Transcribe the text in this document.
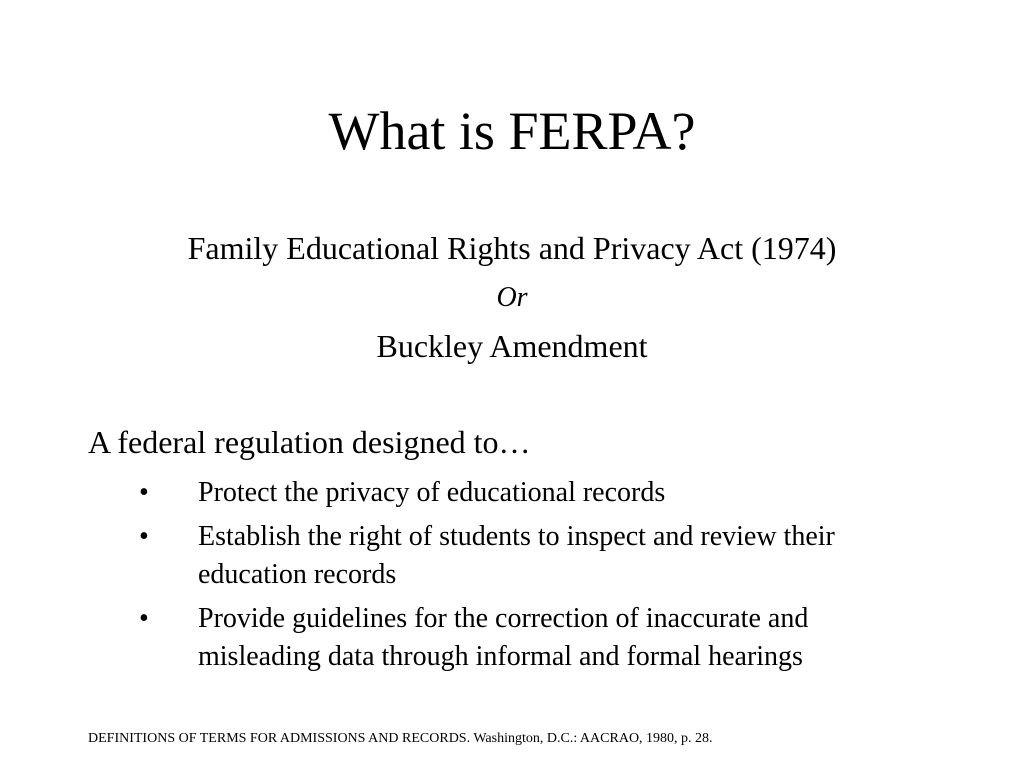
What is FERPA?
Family Educational Rights and Privacy Act (1974)
Or
Buckley Amendment
A federal regulation designed to…
•	Protect the privacy of educational records
•	Establish the right of students to inspect and review their education records
•	Provide guidelines for the correction of inaccurate and misleading data through informal and formal hearings
DEFINITIONS OF TERMS FOR ADMISSIONS AND RECORDS. Washington, D.C.: AACRAO, 1980, p. 28.
